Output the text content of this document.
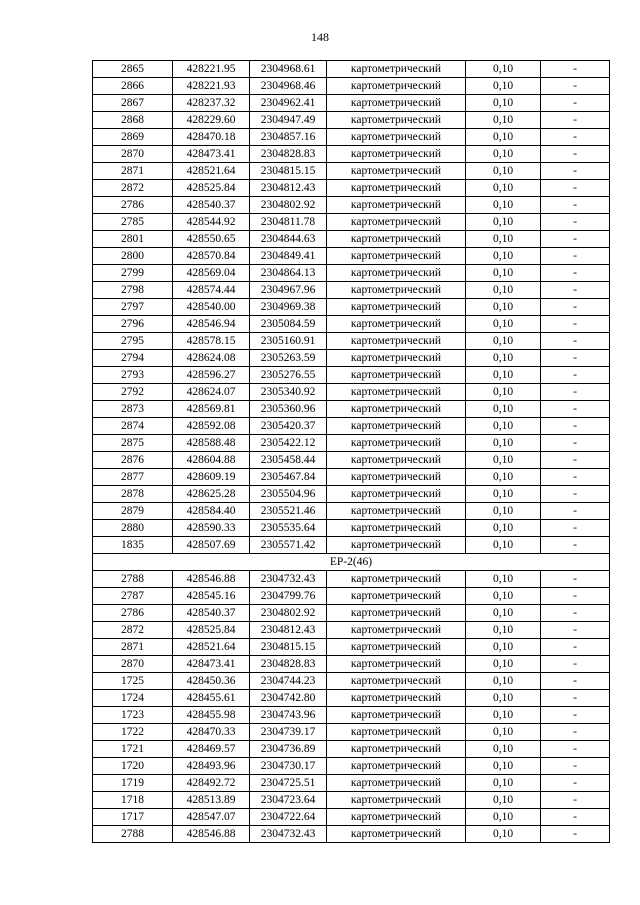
148
2865	428221.95	2304968.61	картометрический	0,10	-
2866	428221.93	2304968.46	картометрический	0,10	-
2867	428237.32	2304962.41	картометрический	0,10	-
2868	428229.60	2304947.49	картометрический	0,10	-
2869	428470.18	2304857.16	картометрический	0,10	-
2870	428473.41	2304828.83	картометрический	0,10	-
2871	428521.64	2304815.15	картометрический	0,10	-
2872	428525.84	2304812.43	картометрический	0,10	-
2786	428540.37	2304802.92	картометрический	0,10	-
2785	428544.92	2304811.78	картометрический	0,10	-
2801	428550.65	2304844.63	картометрический	0,10	-
2800	428570.84	2304849.41	картометрический	0,10	-
2799	428569.04	2304864.13	картометрический	0,10	-
2798	428574.44	2304967.96	картометрический	0,10	-
2797	428540.00	2304969.38	картометрический	0,10	-
2796	428546.94	2305084.59	картометрический	0,10	-
2795	428578.15	2305160.91	картометрический	0,10	-
2794	428624.08	2305263.59	картометрический	0,10	-
2793	428596.27	2305276.55	картометрический	0,10	-
2792	428624.07	2305340.92	картометрический	0,10	-
2873	428569.81	2305360.96	картометрический	0,10	-
2874	428592.08	2305420.37	картометрический	0,10	-
2875	428588.48	2305422.12	картометрический	0,10	-
2876	428604.88	2305458.44	картометрический	0,10	-
2877	428609.19	2305467.84	картометрический	0,10	-
2878	428625.28	2305504.96	картометрический	0,10	-
2879	428584.40	2305521.46	картометрический	0,10	-
2880	428590.33	2305535.64	картометрический	0,10	-
1835	428507.69	2305571.42	картометрический	0,10	-
ЕР-2(46)					
2788	428546.88	2304732.43	картометрический	0,10	-
2787	428545.16	2304799.76	картометрический	0,10	-
2786	428540.37	2304802.92	картометрический	0,10	-
2872	428525.84	2304812.43	картометрический	0,10	-
2871	428521.64	2304815.15	картометрический	0,10	-
2870	428473.41	2304828.83	картометрический	0,10	-
1725	428450.36	2304744.23	картометрический	0,10	-
1724	428455.61	2304742.80	картометрический	0,10	-
1723	428455.98	2304743.96	картометрический	0,10	-
1722	428470.33	2304739.17	картометрический	0,10	-
1721	428469.57	2304736.89	картометрический	0,10	-
1720	428493.96	2304730.17	картометрический	0,10	-
1719	428492.72	2304725.51	картометрический	0,10	-
1718	428513.89	2304723.64	картометрический	0,10	-
1717	428547.07	2304722.64	картометрический	0,10	-
2788	428546.88	2304732.43	картометрический	0,10	-
